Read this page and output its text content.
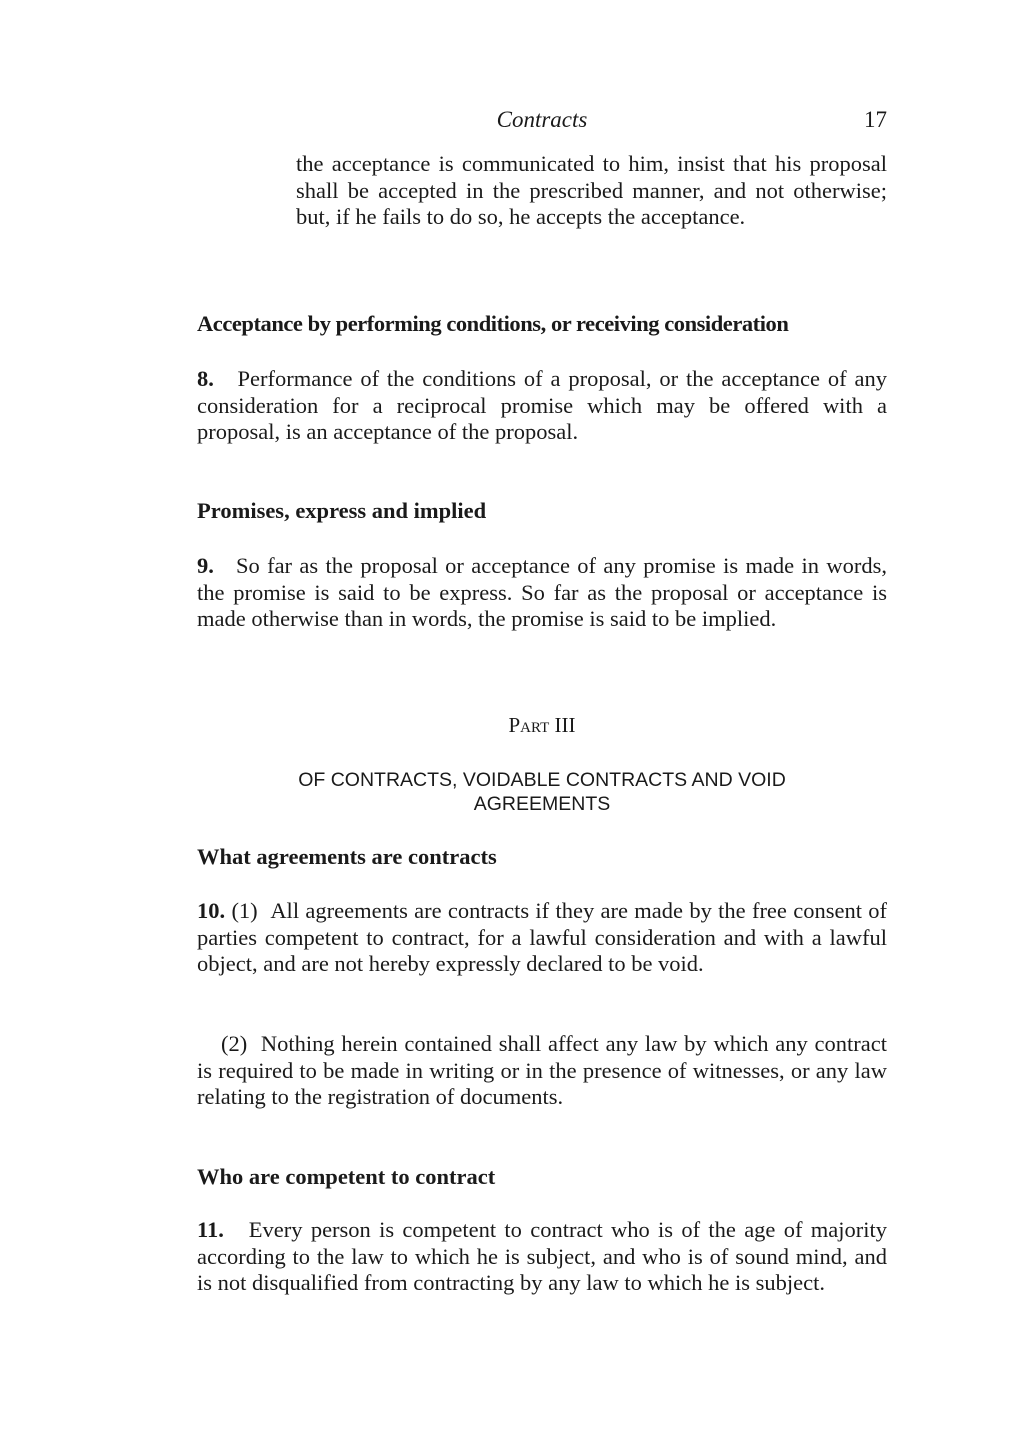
Contracts	17

the acceptance is communicated to him, insist that his proposal shall be accepted in the prescribed manner, and not otherwise; but, if he fails to do so, he accepts the acceptance.

Acceptance by performing conditions, or receiving consideration

8. Performance of the conditions of a proposal, or the acceptance of any consideration for a reciprocal promise which may be offered with a proposal, is an acceptance of the proposal.

Promises, express and implied

9. So far as the proposal or acceptance of any promise is made in words, the promise is said to be express. So far as the proposal or acceptance is made otherwise than in words, the promise is said to be implied.

Part III
OF CONTRACTS, VOIDABLE CONTRACTS AND VOID
AGREEMENTS
What agreements are contracts

10. (1) All agreements are contracts if they are made by the free consent of parties competent to contract, for a lawful consideration and with a lawful object, and are not hereby expressly declared to be void.

(2) Nothing herein contained shall affect any law by which any contract is required to be made in writing or in the presence of witnesses, or any law relating to the registration of documents.

Who are competent to contract

11. Every person is competent to contract who is of the age of majority according to the law to which he is subject, and who is of sound mind, and is not disqualified from contracting by any law to which he is subject.
